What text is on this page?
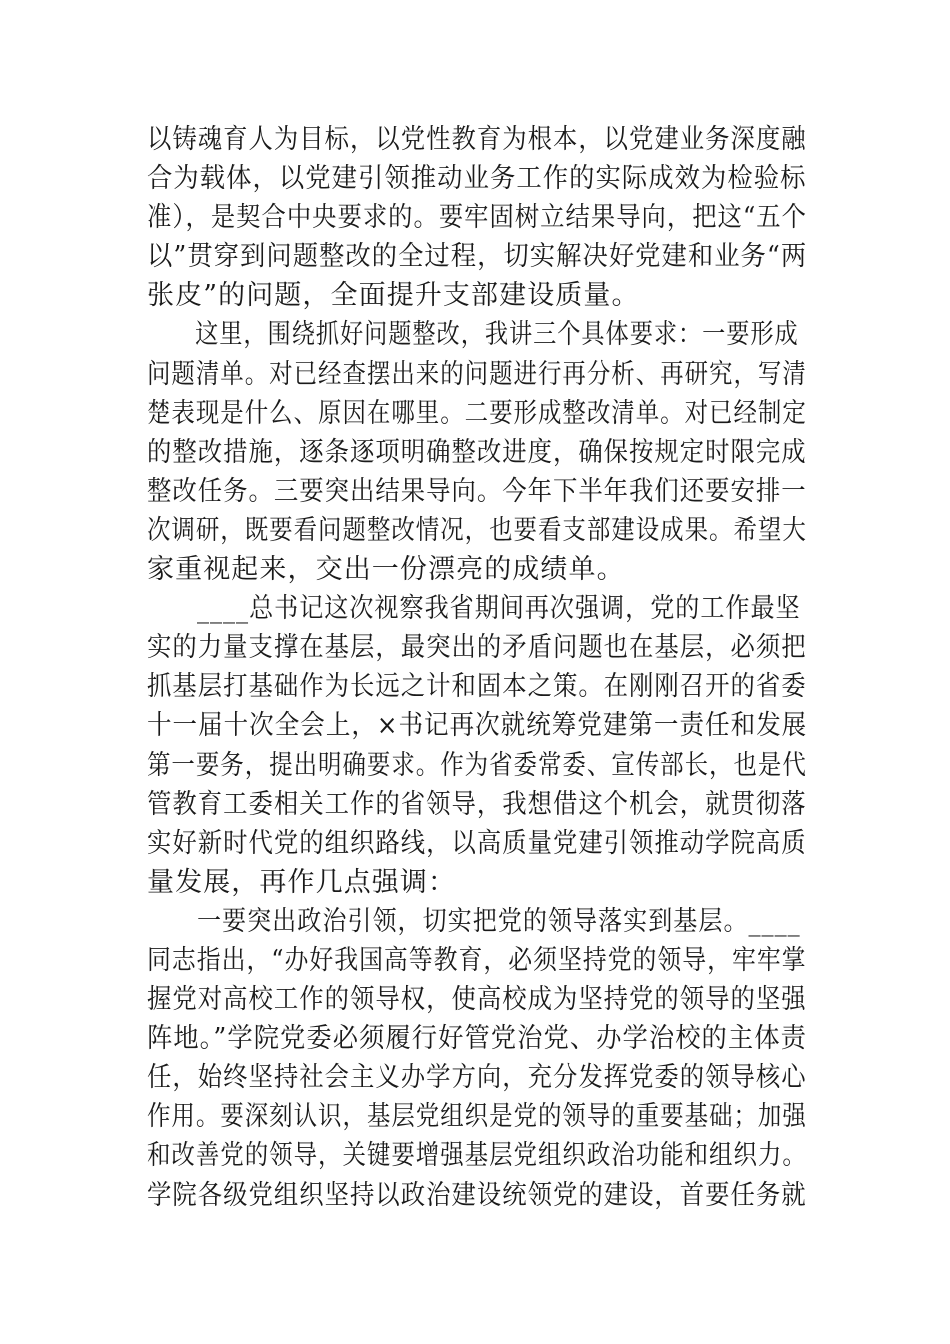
以铸魂育人为目标，以党性教育为根本，以党建业务深度融
合为载体，以党建引领推动业务工作的实际成效为检验标
准），是契合中央要求的。要牢固树立结果导向，把这“五个
以”贯穿到问题整改的全过程，切实解决好党建和业务“两
张皮”的问题，全面提升支部建设质量。
这里，围绕抓好问题整改，我讲三个具体要求：一要形成
问题清单。对已经查摆出来的问题进行再分析、再研究，写清
楚表现是什么、原因在哪里。二要形成整改清单。对已经制定
的整改措施，逐条逐项明确整改进度，确保按规定时限完成
整改任务。三要突出结果导向。今年下半年我们还要安排一
次调研，既要看问题整改情况，也要看支部建设成果。希望大
家重视起来，交出一份漂亮的成绩单。
____总书记这次视察我省期间再次强调，党的工作最坚
实的力量支撑在基层，最突出的矛盾问题也在基层，必须把
抓基层打基础作为长远之计和固本之策。在刚刚召开的省委
十一届十次全会上，×书记再次就统筹党建第一责任和发展
第一要务，提出明确要求。作为省委常委、宣传部长，也是代
管教育工委相关工作的省领导，我想借这个机会，就贯彻落
实好新时代党的组织路线，以高质量党建引领推动学院高质
量发展，再作几点强调：
一要突出政治引领，切实把党的领导落实到基层。____
同志指出，“办好我国高等教育，必须坚持党的领导，牢牢掌
握党对高校工作的领导权，使高校成为坚持党的领导的坚强
阵地。”学院党委必须履行好管党治党、办学治校的主体责
任，始终坚持社会主义办学方向，充分发挥党委的领导核心
作用。要深刻认识，基层党组织是党的领导的重要基础；加强
和改善党的领导，关键要增强基层党组织政治功能和组织力。
学院各级党组织坚持以政治建设统领党的建设，首要任务就
